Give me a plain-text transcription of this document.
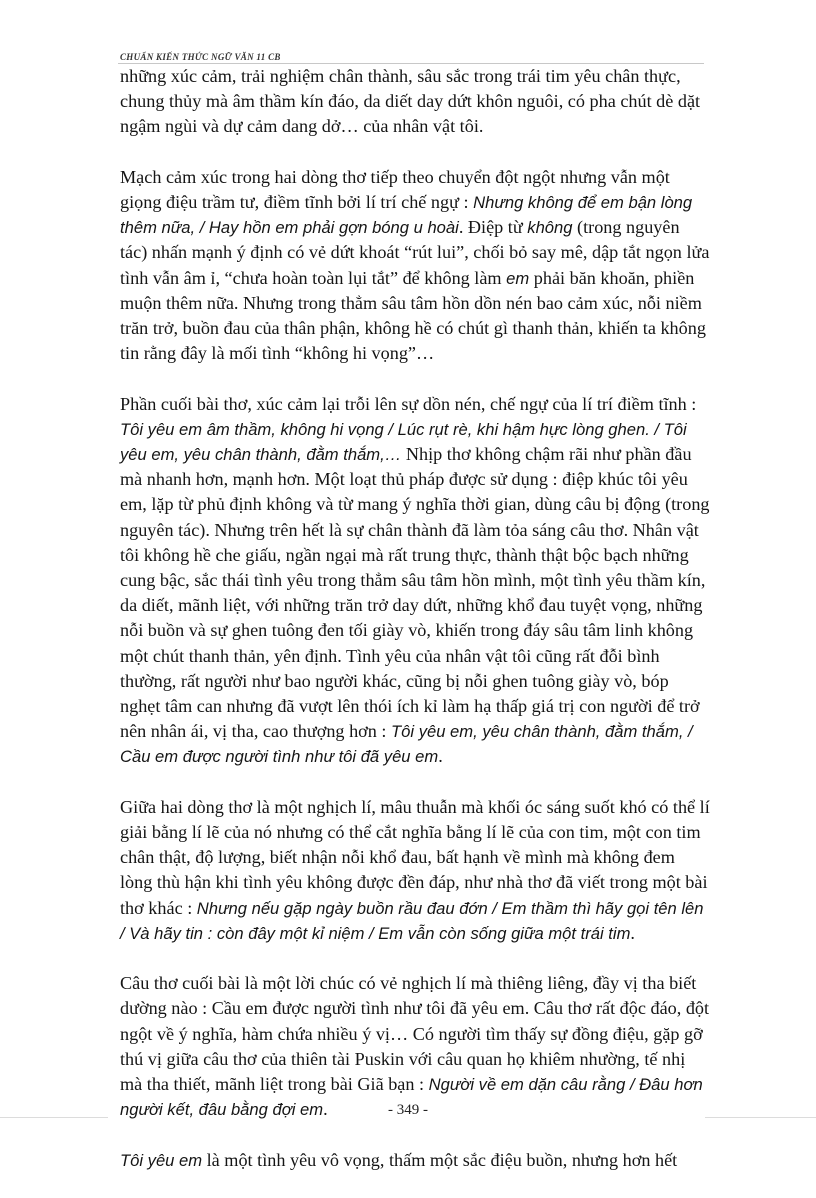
CHUẨN KIẾN THỨC NGỮ VĂN 11 CB

những xúc cảm, trải nghiệm chân thành, sâu sắc trong trái tim yêu chân thực, chung thủy mà âm thầm kín đáo, da diết day dứt khôn nguôi, có pha chút dè dặt ngậm ngùi và dự cảm dang dở… của nhân vật tôi.

Mạch cảm xúc trong hai dòng thơ tiếp theo chuyển đột ngột nhưng vẫn một giọng điệu trầm tư, điềm tĩnh bởi lí trí chế ngự : Nhưng không để em bận lòng thêm nữa, / Hay hồn em phải gợn bóng u hoài. Điệp từ không (trong nguyên tác) nhấn mạnh ý định có vẻ dứt khoát “rút lui”, chối bỏ say mê, dập tắt ngọn lửa tình vẫn âm ỉ, “chưa hoàn toàn lụi tắt” để không làm em phải băn khoăn, phiền muộn thêm nữa. Nhưng trong thẳm sâu tâm hồn dồn nén bao cảm xúc, nỗi niềm trăn trở, buồn đau của thân phận, không hề có chút gì thanh thản, khiến ta không tin rằng đây là mối tình “không hi vọng”…

Phần cuối bài thơ, xúc cảm lại trỗi lên sự dồn nén, chế ngự của lí trí điềm tĩnh : Tôi yêu em âm thầm, không hi vọng / Lúc rụt rè, khi hậm hực lòng ghen. / Tôi yêu em, yêu chân thành, đằm thắm,… Nhịp thơ không chậm rãi như phần đầu mà nhanh hơn, mạnh hơn. Một loạt thủ pháp được sử dụng : điệp khúc tôi yêu em, lặp từ phủ định không và từ mang ý nghĩa thời gian, dùng câu bị động (trong nguyên tác). Nhưng trên hết là sự chân thành đã làm tỏa sáng câu thơ. Nhân vật tôi không hề che giấu, ngần ngại mà rất trung thực, thành thật bộc bạch những cung bậc, sắc thái tình yêu trong thẳm sâu tâm hồn mình, một tình yêu thầm kín, da diết, mãnh liệt, với những trăn trở day dứt, những khổ đau tuyệt vọng, những nỗi buồn và sự ghen tuông đen tối giày vò, khiến trong đáy sâu tâm linh không một chút thanh thản, yên định. Tình yêu của nhân vật tôi cũng rất đỗi bình thường, rất người như bao người khác, cũng bị nỗi ghen tuông giày vò, bóp nghẹt tâm can nhưng đã vượt lên thói ích kỉ làm hạ thấp giá trị con người để trở nên nhân ái, vị tha, cao thượng hơn : Tôi yêu em, yêu chân thành, đằm thắm, / Cầu em được người tình như tôi đã yêu em.

Giữa hai dòng thơ là một nghịch lí, mâu thuẫn mà khối óc sáng suốt khó có thể lí giải bằng lí lẽ của nó nhưng có thể cắt nghĩa bằng lí lẽ của con tim, một con tim chân thật, độ lượng, biết nhận nỗi khổ đau, bất hạnh về mình mà không đem lòng thù hận khi tình yêu không được đền đáp, như nhà thơ đã viết trong một bài thơ khác : Nhưng nếu gặp ngày buồn rầu đau đớn / Em thầm thì hãy gọi tên lên / Và hãy tin : còn đây một kỉ niệm / Em vẫn còn sống giữa một trái tim.

Câu thơ cuối bài là một lời chúc có vẻ nghịch lí mà thiêng liêng, đầy vị tha biết dường nào : Cầu em được người tình như tôi đã yêu em. Câu thơ rất độc đáo, đột ngột về ý nghĩa, hàm chứa nhiều ý vị… Có người tìm thấy sự đồng điệu, gặp gỡ thú vị giữa câu thơ của thiên tài Puskin với câu quan họ khiêm nhường, tế nhị mà tha thiết, mãnh liệt trong bài Giã bạn : Người về em dặn câu rằng / Đâu hơn người kết, đâu bằng đợi em.

Tôi yêu em là một tình yêu vô vọng, thấm một sắc điệu buồn, nhưng hơn hết

- 349 -
